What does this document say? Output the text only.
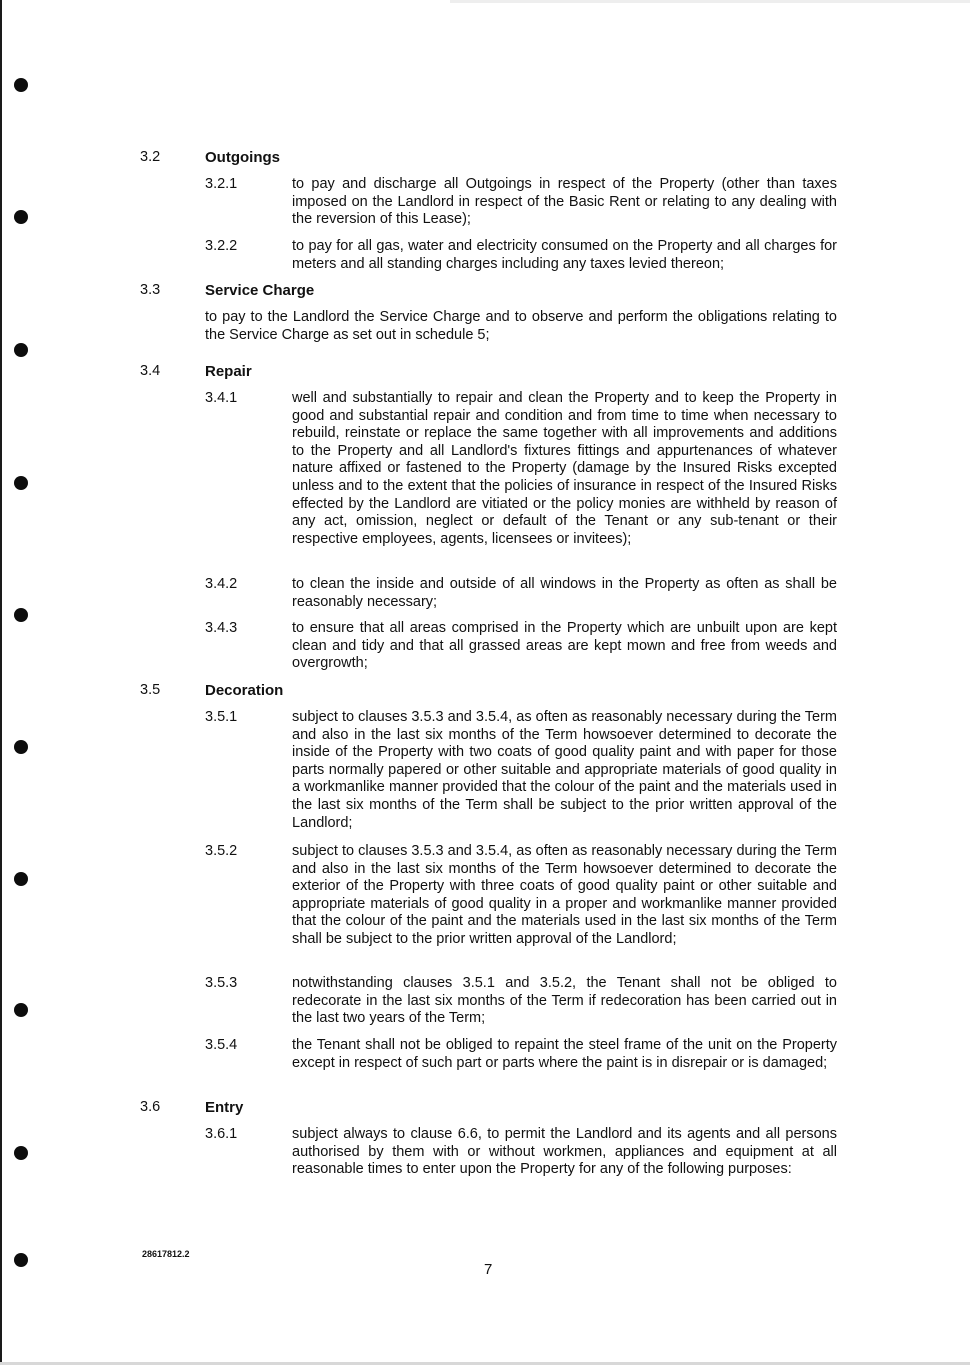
3.2	Outgoings
3.2.1	to pay and discharge all Outgoings in respect of the Property (other than taxes imposed on the Landlord in respect of the Basic Rent or relating to any dealing with the reversion of this Lease);
3.2.2	to pay for all gas, water and electricity consumed on the Property and all charges for meters and all standing charges including any taxes levied thereon;
3.3	Service Charge
to pay to the Landlord the Service Charge and to observe and perform the obligations relating to the Service Charge as set out in schedule 5;
3.4	Repair
3.4.1	well and substantially to repair and clean the Property and to keep the Property in good and substantial repair and condition and from time to time when necessary to rebuild, reinstate or replace the same together with all improvements and additions to the Property and all Landlord's fixtures fittings and appurtenances of whatever nature affixed or fastened to the Property (damage by the Insured Risks excepted unless and to the extent that the policies of insurance in respect of the Insured Risks effected by the Landlord are vitiated or the policy monies are withheld by reason of any act, omission, neglect or default of the Tenant or any sub-tenant or their respective employees, agents, licensees or invitees);
3.4.2	to clean the inside and outside of all windows in the Property as often as shall be reasonably necessary;
3.4.3	to ensure that all areas comprised in the Property which are unbuilt upon are kept clean and tidy and that all grassed areas are kept mown and free from weeds and overgrowth;
3.5	Decoration
3.5.1	subject to clauses 3.5.3 and 3.5.4, as often as reasonably necessary during the Term and also in the last six months of the Term howsoever determined to decorate the inside of the Property with two coats of good quality paint and with paper for those parts normally papered or other suitable and appropriate materials of good quality in a workmanlike manner provided that the colour of the paint and the materials used in the last six months of the Term shall be subject to the prior written approval of the Landlord;
3.5.2	subject to clauses 3.5.3 and 3.5.4, as often as reasonably necessary during the Term and also in the last six months of the Term howsoever determined to decorate the exterior of the Property with three coats of good quality paint or other suitable and appropriate materials of good quality in a proper and workmanlike manner provided that the colour of the paint and the materials used in the last six months of the Term shall be subject to the prior written approval of the Landlord;
3.5.3	notwithstanding clauses 3.5.1 and 3.5.2, the Tenant shall not be obliged to redecorate in the last six months of the Term if redecoration has been carried out in the last two years of the Term;
3.5.4	the Tenant shall not be obliged to repaint the steel frame of the unit on the Property except in respect of such part or parts where the paint is in disrepair or is damaged;
3.6	Entry
3.6.1	subject always to clause 6.6, to permit the Landlord and its agents and all persons authorised by them with or without workmen, appliances and equipment at all reasonable times to enter upon the Property for any of the following purposes:
28617812.2
7
